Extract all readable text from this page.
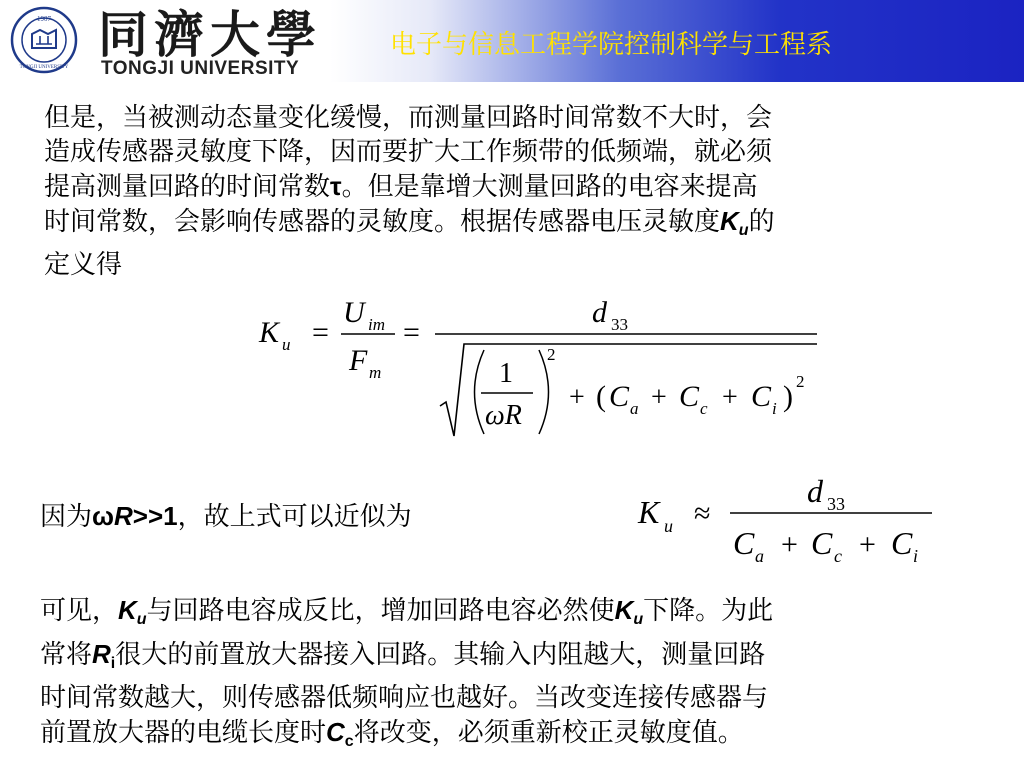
1907
TONGJI UNIVERSITY
同濟大學
TONGJI UNIVERSITY
电子与信息工程学院控制科学与工程系
但是，当被测动态量变化缓慢，而测量回路时间常数不大时，会
造成传感器灵敏度下降，因而要扩大工作频带的低频端，就必须
提高测量回路的时间常数τ。但是靠增大测量回路的电容来提高
时间常数，会影响传感器的灵敏度。根据传感器电压灵敏度$K_u$的
定义得
K u =
U im
F m
=
d 33
1
ωR
2
+ ( C a + C c + C i ) 2
因为ωR>>1，故上式可以近似为	K u ≈
d 33
C a + C c + C i
可见，$K_u$与回路电容成反比，增加回路电容必然使$K_u$下降。为此
常将$R_i$很大的前置放大器接入回路。其输入内阻越大，测量回路
时间常数越大，则传感器低频响应也越好。当改变连接传感器与
前置放大器的电缆长度时$C_c$将改变，必须重新校正灵敏度值。
